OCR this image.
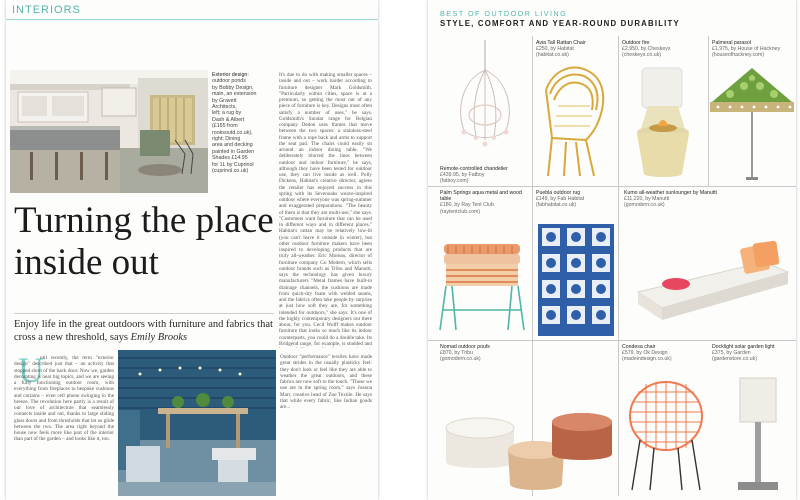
INTERIORS
Exterior design:
outdoor ponds
by Bobby Design,
main, an extension
by Gravett
Architects,
left; a rug by
Dash & Albert
(£165 from
rooksoutd.co.uk),
right; Dining
area and decking
painted in Garden
Shades £14.95
for 1L by Cuprinol
(cuprinol.co.uk)
It's due to do with making smaller spaces – inside and out – work harder according to furniture designer Mark Goldsmith. "Particularly within cities, space is at a premium, so getting the most out of any piece of furniture is key. Designs must often satisfy a number of uses," he says. Goldsmith's Sundar range for Belgian company Dedon uses frames that move between the two spaces: a stainless-steel frame with a rope back and arms to support the seat pad. The chairs could easily sit around an indoor dining table. "We deliberately blurred the lines between outdoor and indoor furniture," he says, although they have been tested for outdoor use, they can live inside as well. Polly Dickens, Habitat's creative director, agrees the retailer has enjoyed success in this spring with its Sevenoaks weave-inspired outdoor where everyone was spring-summer and exaggerated preparations. "The beauty of them is that they are multi-use," she says. "Customers want furniture that can be used in different ways and in different places." Habitat's rattan may be relatively low-lit (you can't leave it outside in winter), but other outdoor furniture makers have been inspired to developing products that are truly all-weather. Eric Moreau, director of furniture company Go Modern, which sells outdoor brands such as Tribu and Manutti, says the technology has given luxury manufacturers "Metal frames have built-in drainage channels, the cushions are made from quick-dry foam with welded seams, and the fabrics often take people by surprise at just how soft they are, for something intended for outdoors," she says. It's one of the highly contemporary designers out there about, for you. Cecil Wolff makes outdoor furniture that looks so much like its indoor counterparts, you could do a double take. Its Bridgend range, for example, is studded and
Turning the place inside out
Enjoy life in the great outdoors with furniture and fabrics that cross a new threshold, says Emily Brooks
U
ntil recently, the term "exterior design" described just that – an activity that stopped short of the back door. Now we, garden decorating is near big topics, and we are seeing a fully functioning outdoor room, with everything from fireplaces to bespoke cushions and curtains – even cell phone swinging in the breeze. The revolution here partly is a result of our love of architecture that seamlessly connects inside and out, thanks to large sliding glass doors and from thresholds that let us glide between the two. The area right beyond the house now feels more like part of the interior than part of the garden – and looks like it, too.
Outdoor "performance" textiles have made great strides in the usually plasticky feel: they don't look or feel like they are able to weather the great outdoors, and these fabrics are now soft to the touch. "Those we use are in the spring room," says Joanna Marr, creative head of Zoe Textile. He says that while every fabric, like Indian goods are...
BEST OF OUTDOOR LIVING
STYLE, COMFORT AND YEAR-ROUND DURABILITY
Remote-controlled chandelier
£439.95, by Fatboy
(fatboy.com)
Avia Tall Rattan Chair
£250, by Habitat
(habitat.co.uk)
Outdoor fire
£2,950, by Cheskeys
(cheskeys.co.uk)
Palmeral parasol
£1,975, by House of Hackney
(houseofhackney.com)
Palm Springs aqua metal and wood table
£180, by Ray Tent Club
(raytentclub.com)
Puebla outdoor rug
£149, by Fab Habitat
(fabhabitat.co.uk)
Kumo all-weather sunlounger by Manutti
£11,220, by Manutti
(gomodern.co.uk)
Nomad outdoor poufs
£870, by Tribu
(gomodern.co.uk)
Condesa chair
£579, by Ok Design
(madeindesign.co.uk)
Docklight solar garden light
£375, by Garden
(gardenstore.co.uk)
